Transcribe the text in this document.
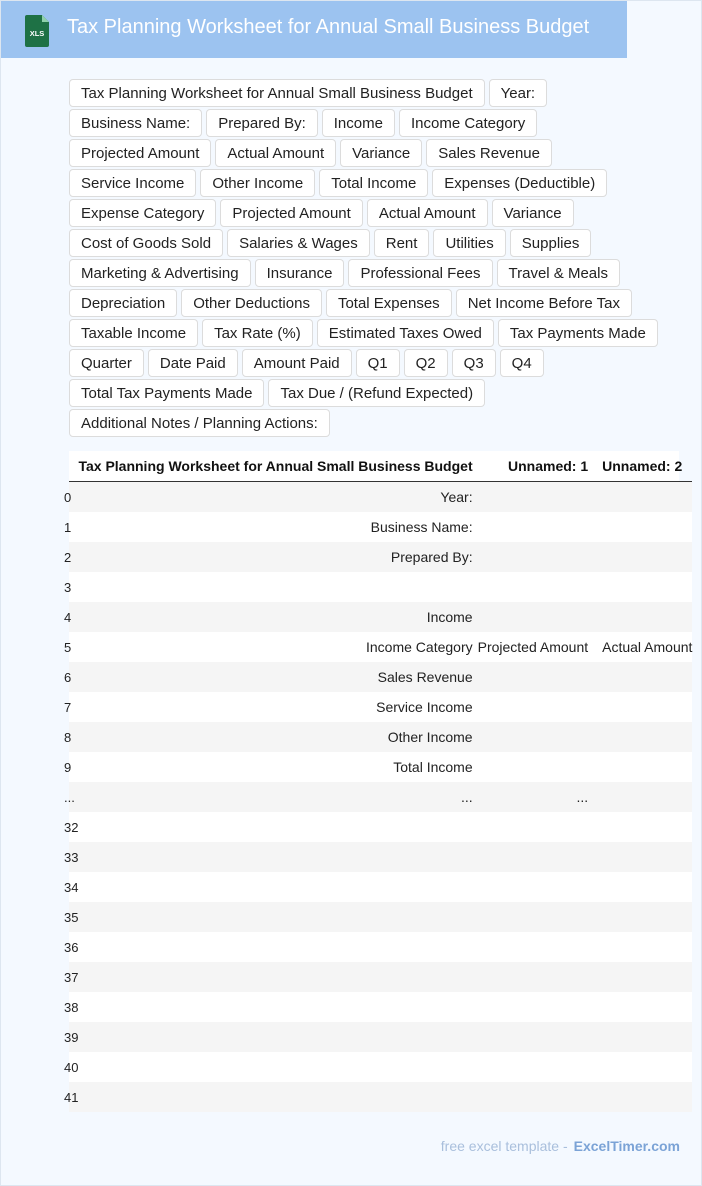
XLS Tax Planning Worksheet for Annual Small Business Budget
Tax Planning Worksheet for Annual Small Business Budget	Year:
Business Name:	Prepared By:	Income	Income Category
Projected Amount	Actual Amount	Variance	Sales Revenue
Service Income	Other Income	Total Income	Expenses (Deductible)
Expense Category	Projected Amount	Actual Amount	Variance
Cost of Goods Sold	Salaries & Wages	Rent	Utilities	Supplies
Marketing & Advertising	Insurance	Professional Fees	Travel & Meals
Depreciation	Other Deductions	Total Expenses	Net Income Before Tax
Taxable Income	Tax Rate (%)	Estimated Taxes Owed	Tax Payments Made
Quarter	Date Paid	Amount Paid	Q1	Q2	Q3	Q4
Total Tax Payments Made	Tax Due / (Refund Expected)
Additional Notes / Planning Actions:
	Tax Planning Worksheet for Annual Small Business Budget	Unnamed: 1	Unnamed: 2

0	Year:		

1	Business Name:		

2	Prepared By:		

3			

4	Income		

5	Income Category	Projected Amount	Actual Amount

6	Sales Revenue		

7	Service Income		

8	Other Income		

9	Total Income		

...	...	...	

32			

33			

34			

35			

36			

37			

38			

39			

40			

41			

free excel template - ExcelTimer.com
